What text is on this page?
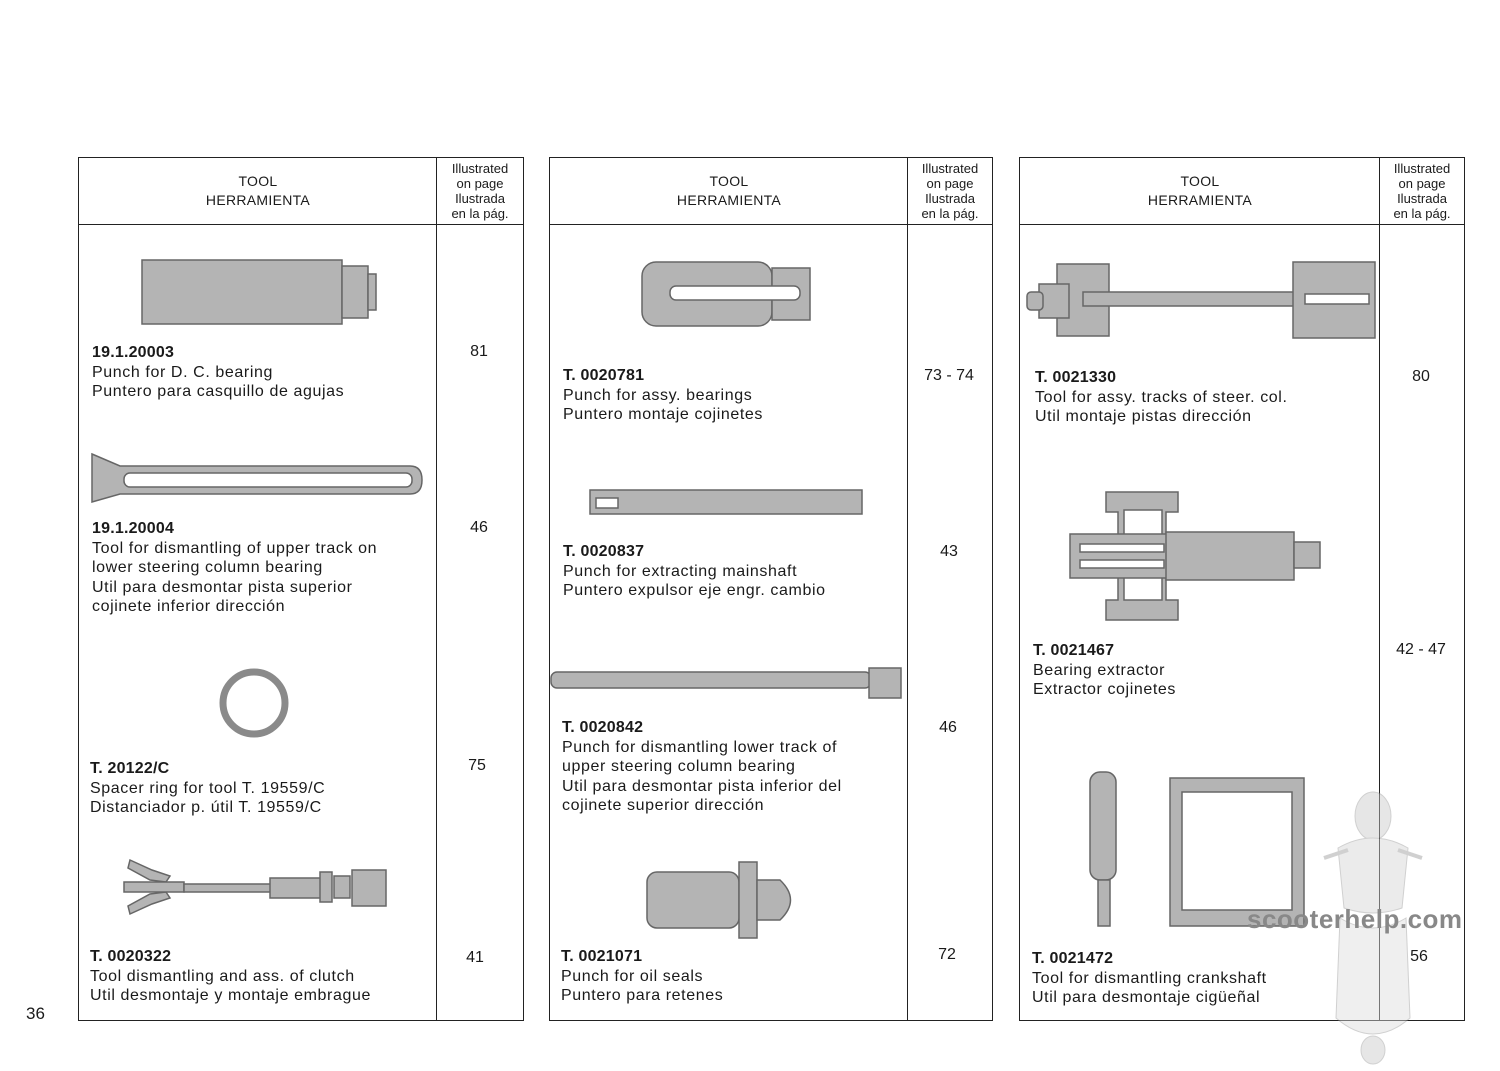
TOOL
HERRAMIENTA
Illustrated
on page
Ilustrada
en la pág.
TOOL
HERRAMIENTA
Illustrated
on page
Ilustrada
en la pág.
TOOL
HERRAMIENTA
Illustrated
on page
Ilustrada
en la pág.
19.1.20003
Punch for D. C. bearing
Puntero para casquillo de agujas
81
19.1.20004
Tool for dismantling of upper track on
lower steering column bearing
Util para desmontar pista superior
cojinete inferior dirección
46
T. 20122/C
Spacer ring for tool T. 19559/C
Distanciador p. útil T. 19559/C
75
T. 0020322
Tool dismantling and ass. of clutch
Util desmontaje y montaje embrague
41
T. 0020781
Punch for assy. bearings
Puntero montaje cojinetes
73 - 74
T. 0020837
Punch for extracting mainshaft
Puntero expulsor eje engr. cambio
43
T. 0020842
Punch for dismantling lower track of
upper steering column bearing
Util para desmontar pista inferior del
cojinete superior dirección
46
T. 0021071
Punch for oil seals
Puntero para retenes
72
T. 0021330
Tool for assy. tracks of steer. col.
Util montaje pistas dirección
80
T. 0021467
Bearing extractor
Extractor cojinetes
42 - 47
T. 0021472
Tool for dismantling crankshaft
Util para desmontaje cigüeñal
56
36
scooterhelp.com
